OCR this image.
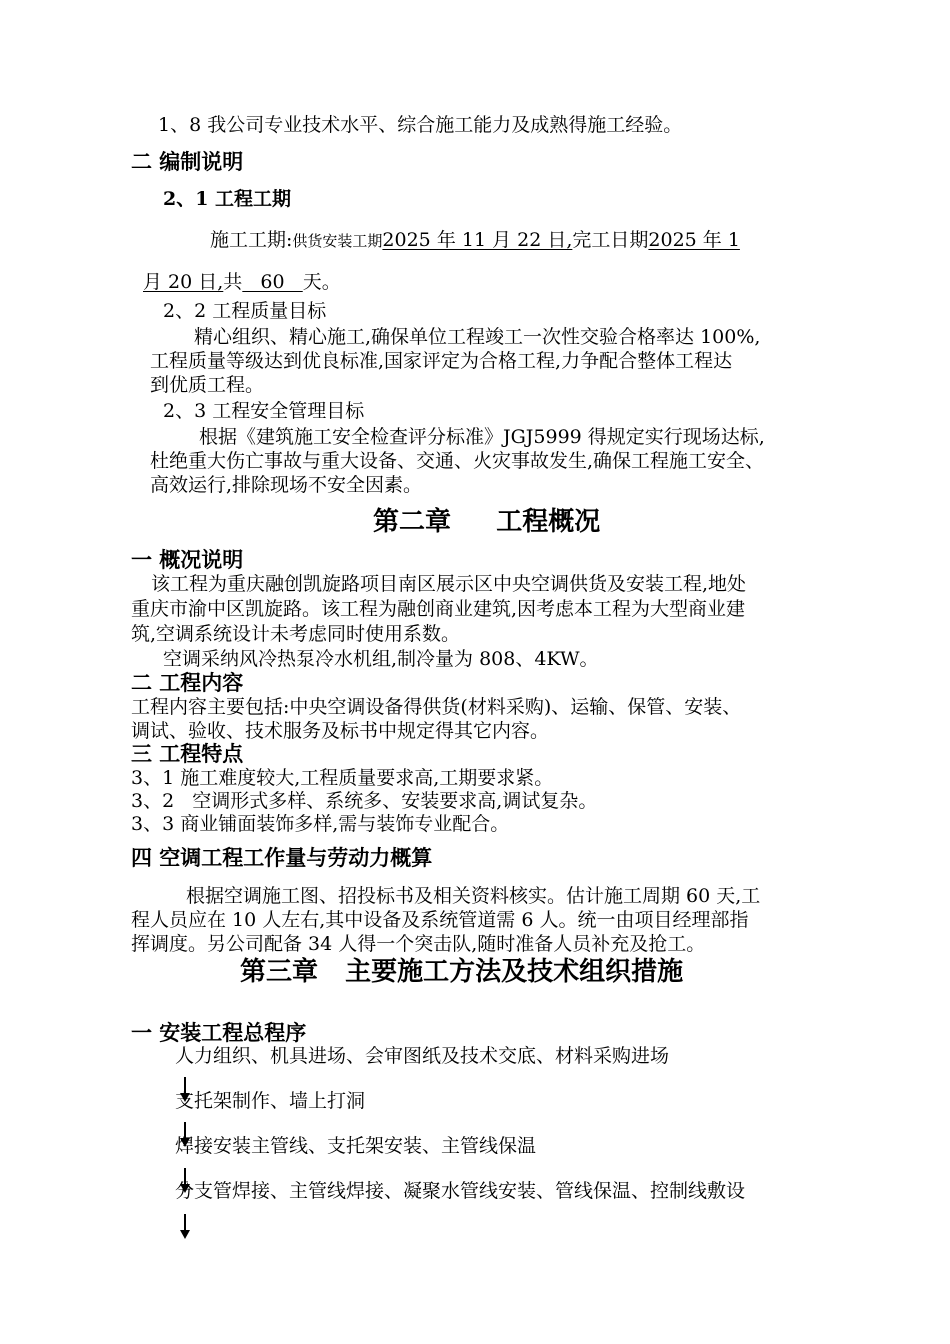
1、8 我公司专业技术水平、综合施工能力及成熟得施工经验。
二 编制说明
2、1 工程工期
施工工期:供货安装工期2025 年 11 月 22 日,完工日期2025 年 1
月 20 日,共   60   天。
2、2 工程质量目标
精心组织、精心施工,确保单位工程竣工一次性交验合格率达 100%,
工程质量等级达到优良标准,国家评定为合格工程,力争配合整体工程达
到优质工程。
2、3 工程安全管理目标
根据《建筑施工安全检查评分标准》JGJ5999 得规定实行现场达标,
杜绝重大伤亡事故与重大设备、交通、火灾事故发生,确保工程施工安全、
高效运行,排除现场不安全因素。
第二章     工程概况
一 概况说明
该工程为重庆融创凯旋路项目南区展示区中央空调供货及安装工程,地处
重庆市渝中区凯旋路。该工程为融创商业建筑,因考虑本工程为大型商业建
筑,空调系统设计未考虑同时使用系数。
空调采纳风冷热泵冷水机组,制冷量为 808、4KW。
二 工程内容
工程内容主要包括:中央空调设备得供货(材料采购)、运输、保管、安装、
调试、验收、技术服务及标书中规定得其它内容。
三 工程特点
3、1 施工难度较大,工程质量要求高,工期要求紧。
3、2   空调形式多样、系统多、安装要求高,调试复杂。
3、3 商业铺面装饰多样,需与装饰专业配合。
四 空调工程工作量与劳动力概算
根据空调施工图、招投标书及相关资料核实。估计施工周期 60 天,工
程人员应在 10 人左右,其中设备及系统管道需 6 人。统一由项目经理部指
挥调度。另公司配备 34 人得一个突击队,随时准备人员补充及抢工。
第三章   主要施工方法及技术组织措施
一 安装工程总程序
人力组织、机具进场、会审图纸及技术交底、材料采购进场
支托架制作、墙上打洞
焊接安装主管线、支托架安装、主管线保温
分支管焊接、主管线焊接、凝聚水管线安装、管线保温、控制线敷设
